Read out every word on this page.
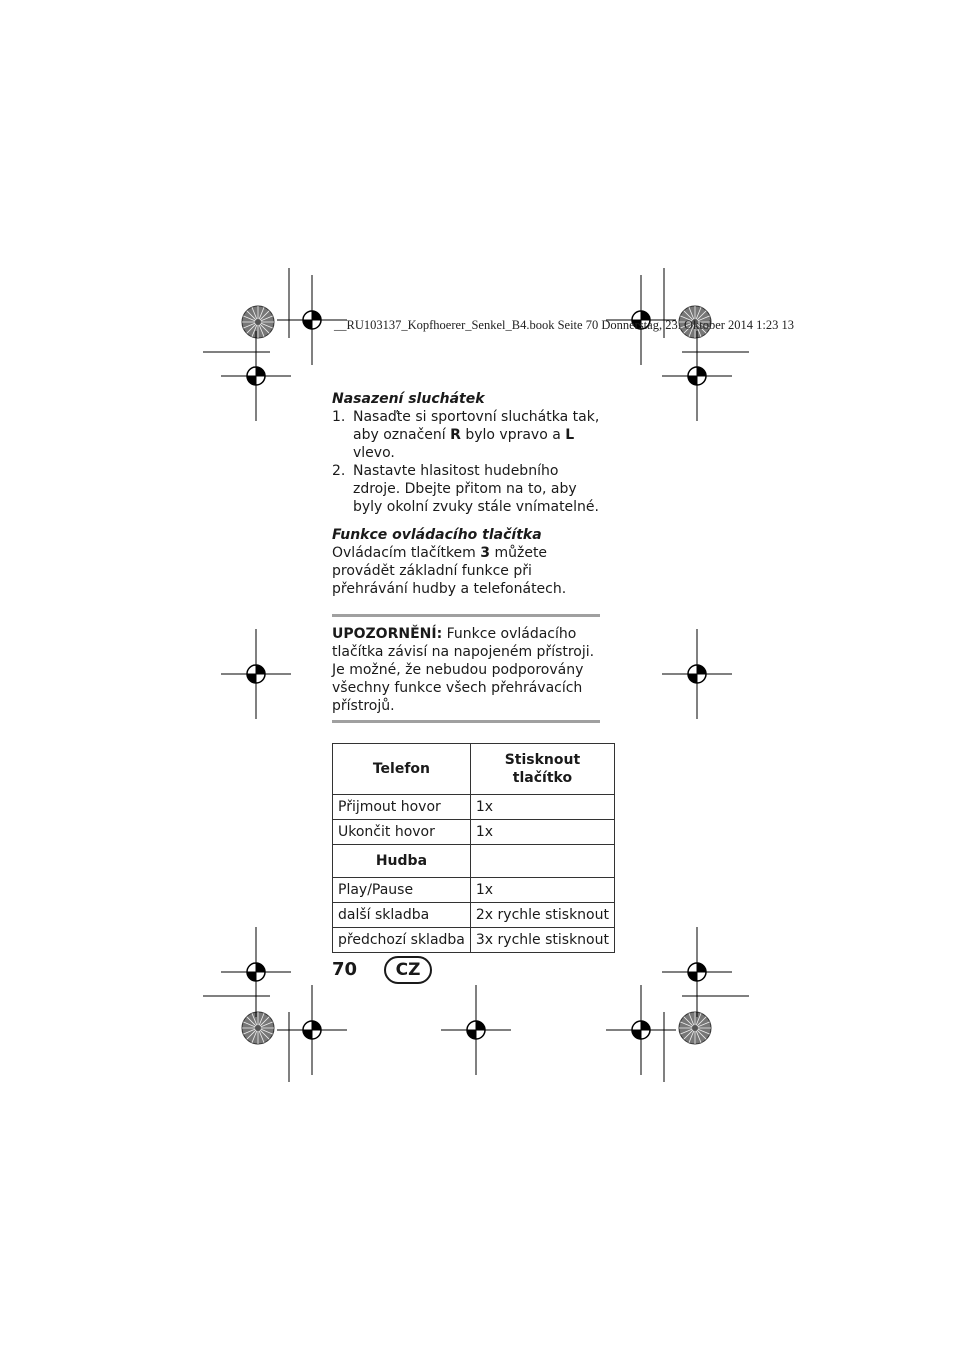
__RU103137_Kopfhoerer_Senkel_B4.book Seite 70 Donnerstag, 23. Oktober 2014 1:23 13

Nasazení sluchátek

1. Nasaďte si sportovní sluchátka tak, aby označení R bylo vpravo a L vlevo.
2. Nastavte hlasitost hudebního zdroje. Dbejte přitom na to, aby byly okolní zvuky stále vnímatelné.

Funkce ovládacího tlačítka

Ovládacím tlačítkem 3 můžete provádět základní funkce při přehrávání hudby a telefonátech.

UPOZORNĚNÍ: Funkce ovládacího tlačítka závisí na napojeném přístroji. Je možné, že nebudou podporovány všechny funkce všech přehrávacích přístrojů.
Telefon	Stisknout tlačítko
Přijmout hovor	1x
Ukončit hovor	1x
Hudba	
Play/Pause	1x
další skladba	2x rychle stisknout
předchozí skladba	3x rychle stisknout
70	CZ
